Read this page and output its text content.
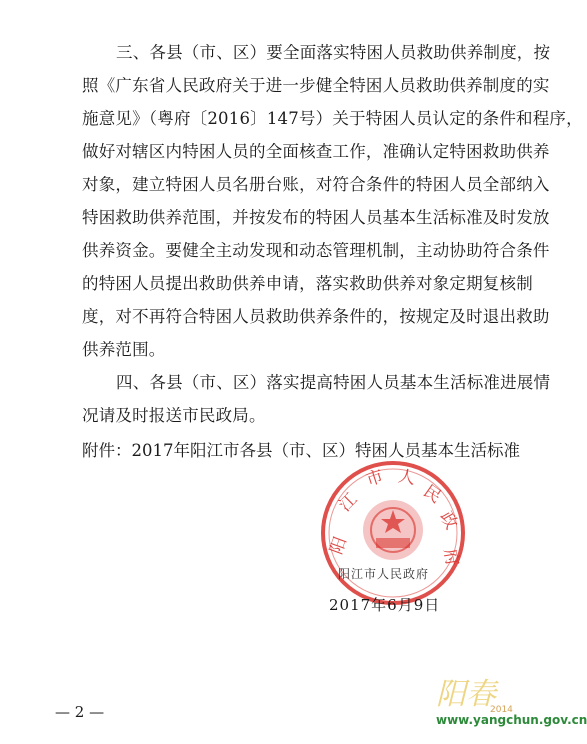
三、各县（市、区）要全面落实特困人员救助供养制度，按
照《广东省人民政府关于进一步健全特困人员救助供养制度的实
施意见》（粤府〔2016〕147号）关于特困人员认定的条件和程序，
做好对辖区内特困人员的全面核查工作，准确认定特困救助供养
对象，建立特困人员名册台账，对符合条件的特困人员全部纳入
特困救助供养范围，并按发布的特困人员基本生活标准及时发放
供养资金。要健全主动发现和动态管理机制，主动协助符合条件
的特困人员提出救助供养申请，落实救助供养对象定期复核制
度，对不再符合特困人员救助供养条件的，按规定及时退出救助
供养范围。
四、各县（市、区）落实提高特困人员基本生活标准进展情
况请及时报送市民政局。
附件：2017年阳江市各县（市、区）特困人员基本生活标准
阳
江
市 人
民
政
府
阳江市人民政府
2017年6月9日
— 2 —	阳春
2014
www.yangchun.gov.cn
